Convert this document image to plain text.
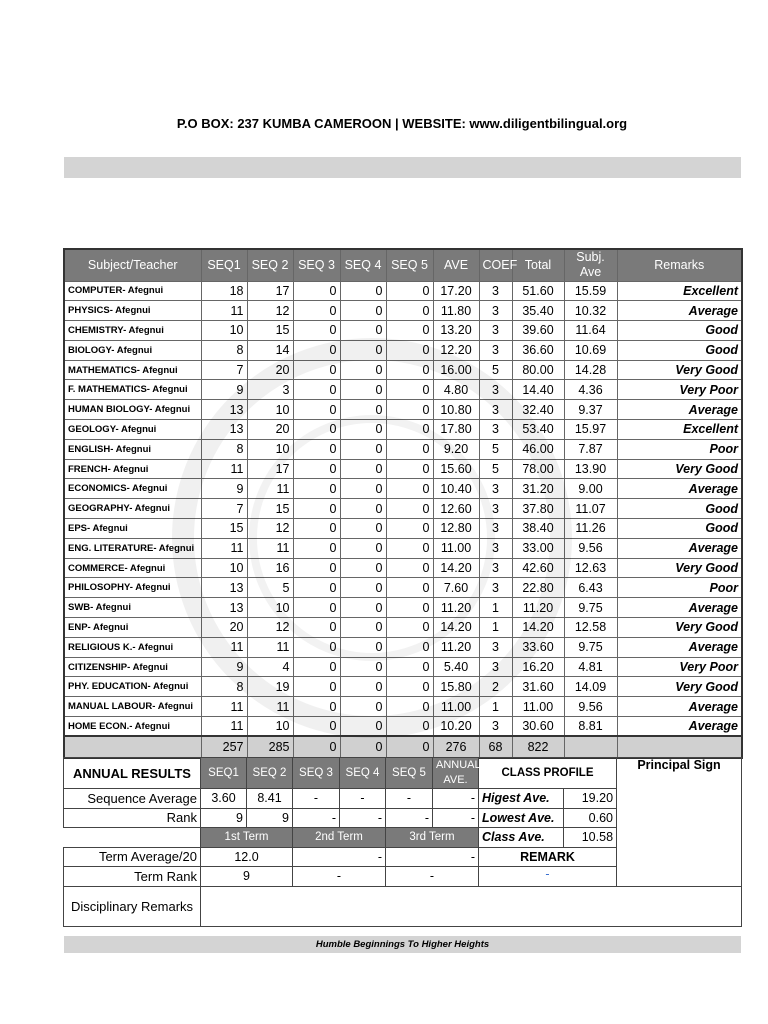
P.O BOX: 237 KUMBA CAMEROON | WEBSITE: www.diligentbilingual.org
Subject/Teacher	SEQ1	SEQ 2	SEQ 3	SEQ 4	SEQ 5	AVE	COEF	Total	Subj. Ave	Remarks
COMPUTER- Afegnui	18	17	0	0	0	17.20	3	51.60	15.59	Excellent
PHYSICS- Afegnui	11	12	0	0	0	11.80	3	35.40	10.32	Average
CHEMISTRY- Afegnui	10	15	0	0	0	13.20	3	39.60	11.64	Good
BIOLOGY- Afegnui	8	14	0	0	0	12.20	3	36.60	10.69	Good
MATHEMATICS- Afegnui	7	20	0	0	0	16.00	5	80.00	14.28	Very Good
F. MATHEMATICS- Afegnui	9	3	0	0	0	4.80	3	14.40	4.36	Very Poor
HUMAN BIOLOGY- Afegnui	13	10	0	0	0	10.80	3	32.40	9.37	Average
GEOLOGY- Afegnui	13	20	0	0	0	17.80	3	53.40	15.97	Excellent
ENGLISH- Afegnui	8	10	0	0	0	9.20	5	46.00	7.87	Poor
FRENCH- Afegnui	11	17	0	0	0	15.60	5	78.00	13.90	Very Good
ECONOMICS- Afegnui	9	11	0	0	0	10.40	3	31.20	9.00	Average
GEOGRAPHY- Afegnui	7	15	0	0	0	12.60	3	37.80	11.07	Good
EPS- Afegnui	15	12	0	0	0	12.80	3	38.40	11.26	Good
ENG. LITERATURE- Afegnui	11	11	0	0	0	11.00	3	33.00	9.56	Average
COMMERCE- Afegnui	10	16	0	0	0	14.20	3	42.60	12.63	Very Good
PHILOSOPHY- Afegnui	13	5	0	0	0	7.60	3	22.80	6.43	Poor
SWB- Afegnui	13	10	0	0	0	11.20	1	11.20	9.75	Average
ENP- Afegnui	20	12	0	0	0	14.20	1	14.20	12.58	Very Good
RELIGIOUS K.- Afegnui	11	11	0	0	0	11.20	3	33.60	9.75	Average
CITIZENSHIP- Afegnui	9	4	0	0	0	5.40	3	16.20	4.81	Very Poor
PHY. EDUCATION- Afegnui	8	19	0	0	0	15.80	2	31.60	14.09	Very Good
MANUAL LABOUR- Afegnui	11	11	0	0	0	11.00	1	11.00	9.56	Average
HOME ECON.- Afegnui	11	10	0	0	0	10.20	3	30.60	8.81	Average
	257	285	0	0	0	276	68	822		
ANNUAL RESULTS	SEQ1	SEQ 2	SEQ 3	SEQ 4	SEQ 5	ANNUAL AVE.	CLASS PROFILE		Principal Sign
Sequence Average	3.60	8.41	-	-	-	-	Higest Ave.	19.20	
Rank	9	9	-	-	-	-	Lowest Ave.	0.60	
	1st Term		2nd Term		3rd Term		Class Ave.	10.58	
Term Average/20	12.0		-		-		REMARK		
Term Rank	9		-		-		-		
Disciplinary Remarks									
Humble Beginnings To Higher Heights
